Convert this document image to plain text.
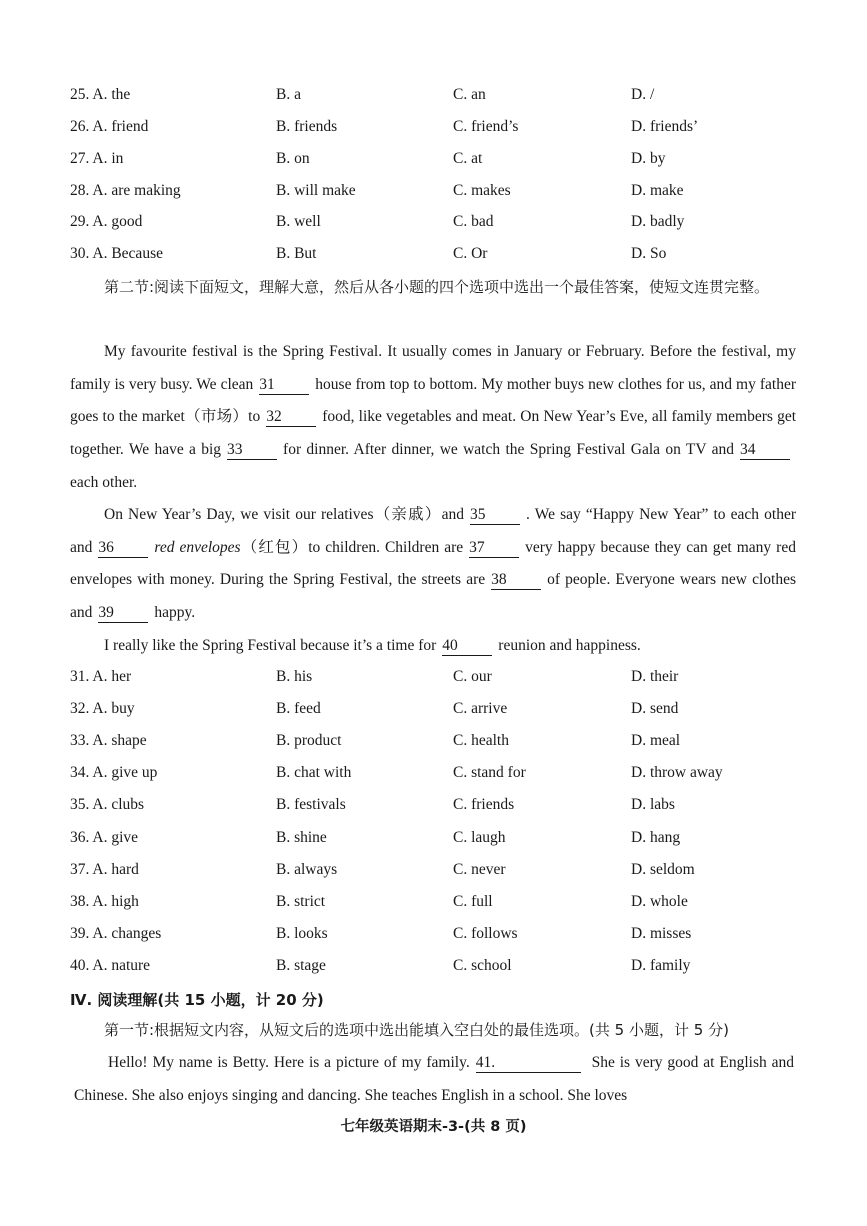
25. A. the	B. a	C. an	D. /
26. A. friend	B. friends	C. friend’s	D. friends’
27. A. in	B. on	C. at	D. by
28. A. are making	B. will make	C. makes	D. make
29. A. good	B. well	C. bad	D. badly
30. A. Because	B. But	C. Or	D. So
第二节:阅读下面短文，理解大意，然后从各小题的四个选项中选出一个最佳答案，使短文连贯完整。
My favourite festival is the Spring Festival. It usually comes in January or February. Before the festival, my family is very busy. We clean 31	house from top to bottom. My mother buys new clothes for us, and my father goes to the market（市场）to 32	food, like vegetables and meat. On New Year’s Eve, all family members get together. We have a big 33	for dinner. After dinner, we watch the Spring Festival Gala on TV and 34each other.
On New Year’s Day, we visit our relatives（亲戚）and 35	. We say “Happy New Year” to each other and 36	red envelopes（红包）to children. Children are 37	very happy because they can get many red envelopes with money. During the Spring Festival, the streets are 38	of people. Everyone wears new clothes and 39	happy.
I really like the Spring Festival because it’s a time for 40	reunion and happiness.
31. A. her	B. his	C. our	D. their
32. A. buy	B. feed	C. arrive	D. send
33. A. shape	B. product	C. health	D. meal
34. A. give up	B. chat with	C. stand for	D. throw away
35. A. clubs	B. festivals	C. friends	D. labs
36. A. give	B. shine	C. laugh	D. hang
37. A. hard	B. always	C. never	D. seldom
38. A. high	B. strict	C. full	D. whole
39. A. changes	B. looks	C. follows	D. misses
40. A. nature	B. stage	C. school	D. family
Ⅳ. 阅读理解(共 15 小题，计 20 分)
第一节:根据短文内容，从短文后的选项中选出能填入空白处的最佳选项。(共 5 小题，计 5 分)
Hello! My name is Betty. Here is a picture of my family. 41.	She is very good at English and Chinese. She also enjoys singing and dancing. She teaches English in a school. She loves
七年级英语期末-3-(共 8 页)
